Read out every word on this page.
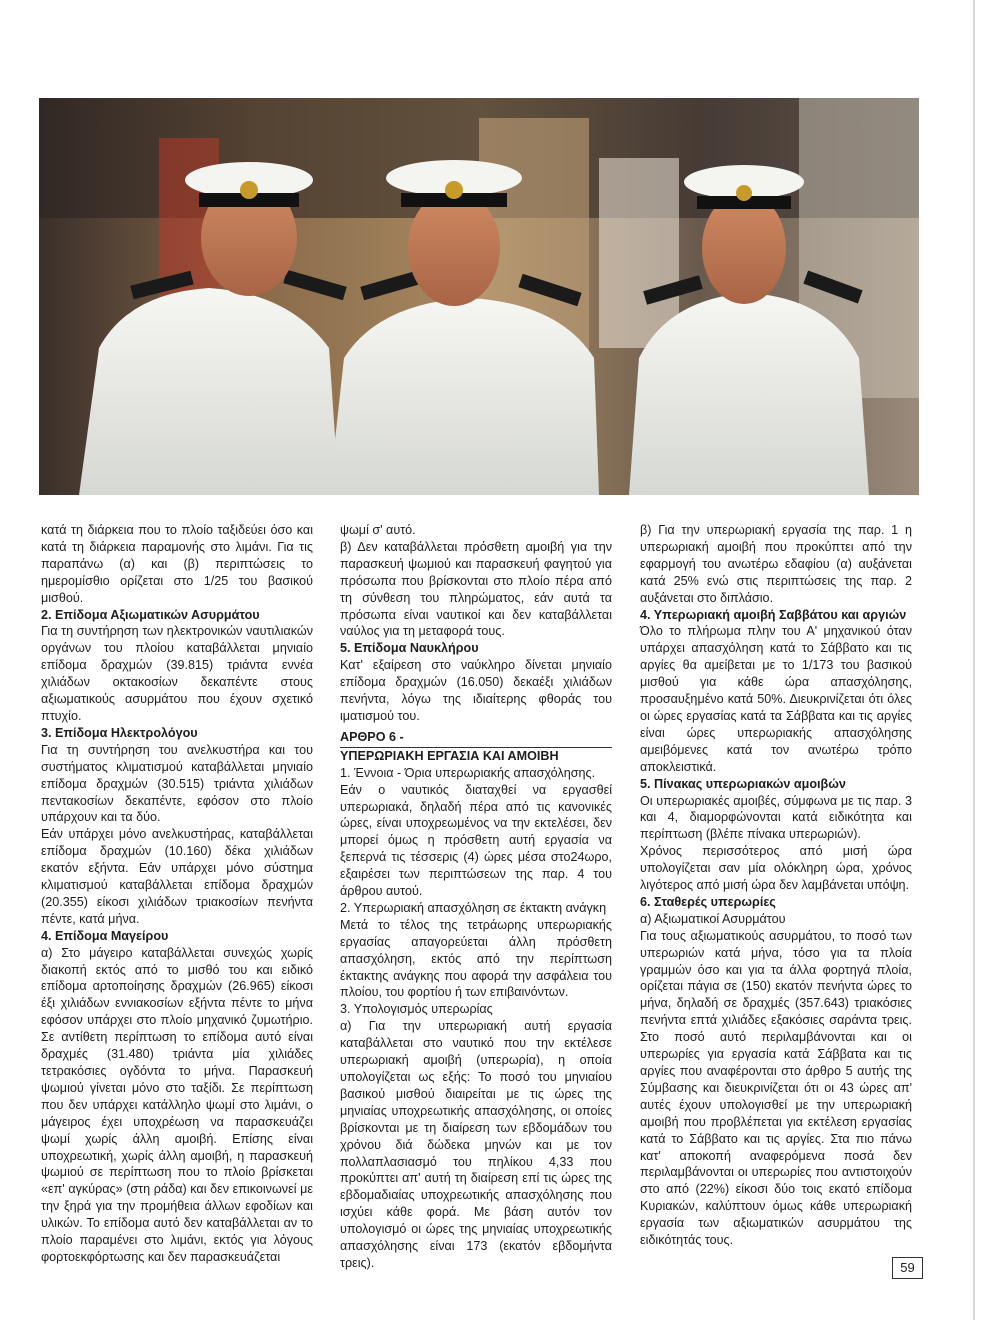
κατά τη διάρκεια που το πλοίο ταξιδεύει όσο και κατά τη διάρκεια παραμονής στο λιμάνι. Για τις παραπάνω (α) και (β) περιπτώσεις το ημερομίσθιο ορίζεται στο 1/25 του βασικού μισθού.

2. Επίδομα Αξιωματικών Ασυρμάτου

Για τη συντήρηση των ηλεκτρονικών ναυτιλιακών οργάνων του πλοίου καταβάλλεται μηνιαίο επίδομα δραχμών (39.815) τριάντα εννέα χιλιάδων οκτακοσίων δεκαπέντε στους αξιωματικούς ασυρμάτου που έχουν σχετικό πτυχίο.

3. Επίδομα Ηλεκτρολόγου

Για τη συντήρηση του ανελκυστήρα και του συστήματος κλιματισμού καταβάλλεται μηνιαίο επίδομα δραχμών (30.515) τριάντα χιλιάδων πεντακοσίων δεκαπέντε, εφόσον στο πλοίο υπάρχουν και τα δύο.

Εάν υπάρχει μόνο ανελκυστήρας, καταβάλλεται επίδομα δραχμών (10.160) δέκα χιλιάδων εκατόν εξήντα. Εάν υπάρχει μόνο σύστημα κλιματισμού καταβάλλεται επίδομα δραχμών (20.355) είκοσι χιλιάδων τριακοσίων πενήντα πέντε, κατά μήνα.

4. Επίδομα Μαγείρου

α) Στο μάγειρο καταβάλλεται συνεχώς χωρίς διακοπή εκτός από το μισθό του και ειδικό επίδομα αρτοποίησης δραχμών (26.965) είκοσι έξι χιλιάδων εννιακοσίων εξήντα πέντε το μήνα εφόσον υπάρχει στο πλοίο μηχανικό ζυμωτήριο. Σε αντίθετη περίπτωση το επίδομα αυτό είναι δραχμές (31.480) τριάντα μία χιλιάδες τετρακόσιες ογδόντα το μήνα. Παρασκευή ψωμιού γίνεται μόνο στο ταξίδι. Σε περίπτωση που δεν υπάρχει κατάλληλο ψωμί στο λιμάνι, ο μάγειρος έχει υποχρέωση να παρασκευάζει ψωμί χωρίς άλλη αμοιβή. Επίσης είναι υποχρεωτική, χωρίς άλλη αμοιβή, η παρασκευή ψωμιού σε περίπτωση που το πλοίο βρίσκεται «επ' αγκύρας» (στη ράδα) και δεν επικοινωνεί με την ξηρά για την προμήθεια άλλων εφοδίων και υλικών. Το επίδομα αυτό δεν καταβάλλεται αν το πλοίο παραμένει στο λιμάνι, εκτός για λόγους φορτοεκφόρτωσης και δεν παρασκευάζεται

ψωμί σ' αυτό.

β) Δεν καταβάλλεται πρόσθετη αμοιβή για την παρασκευή ψωμιού και παρασκευή φαγητού για πρόσωπα που βρίσκονται στο πλοίο πέρα από τη σύνθεση του πληρώματος, εάν αυτά τα πρόσωπα είναι ναυτικοί και δεν καταβάλλεται ναύλος για τη μεταφορά τους.

5. Επίδομα Ναυκλήρου

Κατ' εξαίρεση στο ναύκληρο δίνεται μηνιαίο επίδομα δραχμών (16.050) δεκαέξι χιλιάδων πενήντα, λόγω της ιδιαίτερης φθοράς του ιματισμού του.

ΑΡΘΡΟ 6 -

ΥΠΕΡΩΡΙΑΚΗ ΕΡΓΑΣΙΑ ΚΑΙ ΑΜΟΙΒΗ

1. Έννοια - Όρια υπερωριακής απασχόλησης.

Εάν ο ναυτικός διαταχθεί να εργασθεί υπερωριακά, δηλαδή πέρα από τις κανονικές ώρες, είναι υποχρεωμένος να την εκτελέσει, δεν μπορεί όμως η πρόσθετη αυτή εργασία να ξεπερνά τις τέσσερις (4) ώρες μέσα στο24ωρο, εξαιρέσει των περιπτώσεων της παρ. 4 του άρθρου αυτού.

2. Υπερωριακή απασχόληση σε έκτακτη ανάγκη

Μετά το τέλος της τετράωρης υπερωριακής εργασίας απαγορεύεται άλλη πρόσθετη απασχόληση, εκτός από την περίπτωση έκτακτης ανάγκης που αφορά την ασφάλεια του πλοίου, του φορτίου ή των επιβαινόντων.

3. Υπολογισμός υπερωρίας

α) Για την υπερωριακή αυτή εργασία καταβάλλεται στο ναυτικό που την εκτέλεσε υπερωριακή αμοιβή (υπερωρία), η οποία υπολογίζεται ως εξής: Το ποσό του μηνιαίου βασικού μισθού διαιρείται με τις ώρες της μηνιαίας υποχρεωτικής απασχόλησης, οι οποίες βρίσκονται με τη διαίρεση των εβδομάδων του χρόνου διά δώδεκα μηνών και με τον πολλαπλασιασμό του πηλίκου 4,33 που προκύπτει απ' αυτή τη διαίρεση επί τις ώρες της εβδομαδιαίας υποχρεωτικής απασχόλησης που ισχύει κάθε φορά. Με βάση αυτόν τον υπολογισμό οι ώρες της μηνιαίας υποχρεωτικής απασχόλησης είναι 173 (εκατόν εβδομήντα τρεις).

β) Για την υπερωριακή εργασία της παρ. 1 η υπερωριακή αμοιβή που προκύπτει από την εφαρμογή του ανωτέρω εδαφίου (α) αυξάνεται κατά 25% ενώ στις περιπτώσεις της παρ. 2 αυξάνεται στο διπλάσιο.

4. Υπερωριακή αμοιβή Σαββάτου και αργιών

Όλο το πλήρωμα πλην του Α' μηχανικού όταν υπάρχει απασχόληση κατά το Σάββατο και τις αργίες θα αμείβεται με το 1/173 του βασικού μισθού για κάθε ώρα απασχόλησης, προσαυξημένο κατά 50%. Διευκρινίζεται ότι όλες οι ώρες εργασίας κατά τα Σάββατα και τις αργίες είναι ώρες υπερωριακής απασχόλησης αμειβόμενες κατά τον ανωτέρω τρόπο αποκλειστικά.

5. Πίνακας υπερωριακών αμοιβών

Οι υπερωριακές αμοιβές, σύμφωνα με τις παρ. 3 και 4, διαμορφώνονται κατά ειδικότητα και περίπτωση (βλέπε πίνακα υπερωριών).

Χρόνος περισσότερος από μισή ώρα υπολογίζεται σαν μία ολόκληρη ώρα, χρόνος λιγότερος από μισή ώρα δεν λαμβάνεται υπόψη.

6. Σταθερές υπερωρίες

α) Αξιωματικοί Ασυρμάτου

Για τους αξιωματικούς ασυρμάτου, το ποσό των υπερωριών κατά μήνα, τόσο για τα πλοία γραμμών όσο και για τα άλλα φορτηγά πλοία, ορίζεται πάγια σε (150) εκατόν πενήντα ώρες το μήνα, δηλαδή σε δραχμές (357.643) τριακόσιες πενήντα επτά χιλιάδες εξακόσιες σαράντα τρεις. Στο ποσό αυτό περιλαμβάνονται και οι υπερωρίες για εργασία κατά Σάββατα και τις αργίες που αναφέρονται στο άρθρο 5 αυτής της Σύμβασης και διευκρινίζεται ότι οι 43 ώρες απ' αυτές έχουν υπολογισθεί με την υπερωριακή αμοιβή που προβλέπεται για εκτέλεση εργασίας κατά το Σάββατο και τις αργίες. Στα πιο πάνω κατ' αποκοπή αναφερόμενα ποσά δεν περιλαμβάνονται οι υπερωρίες που αντιστοιχούν στο από (22%) είκοσι δύο τοις εκατό επίδομα Κυριακών, καλύπτουν όμως κάθε υπερωριακή εργασία των αξιωματικών ασυρμάτου της ειδικότητάς τους.

59
